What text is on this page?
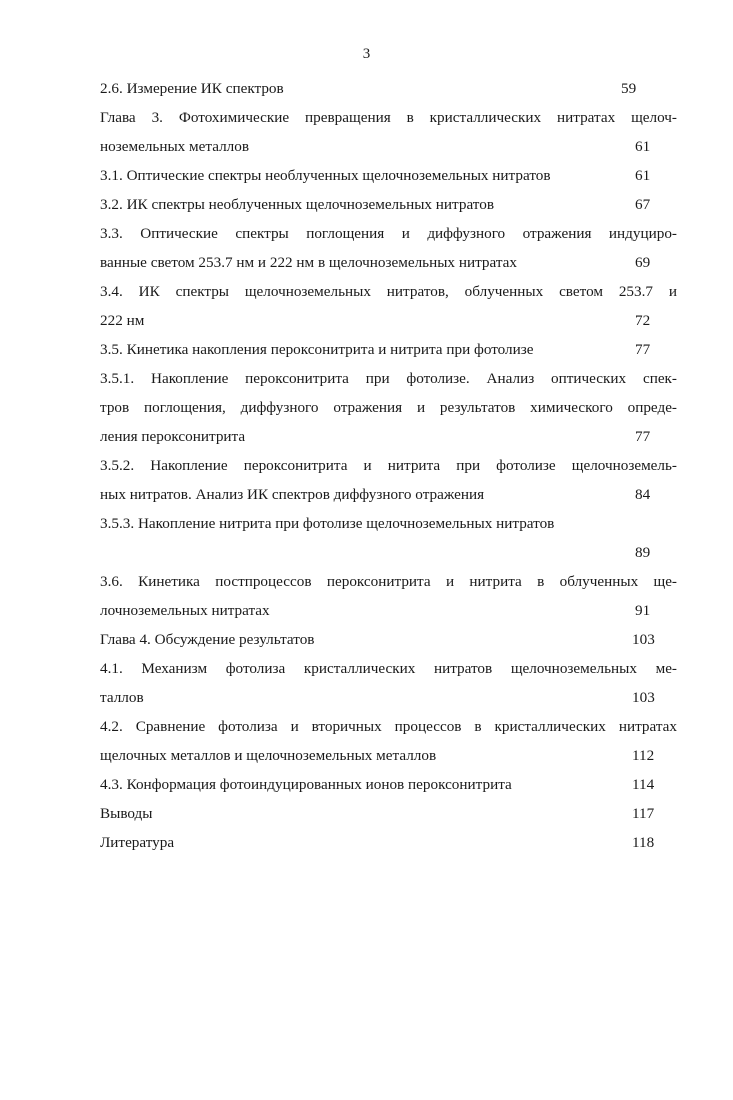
3
2.6. Измерение ИК спектров	59
Глава 3. Фотохимические превращения в кристаллических нитратах щелоч-
ноземельных металлов	61
3.1. Оптические спектры необлученных щелочноземельных нитратов	61
3.2. ИК спектры необлученных щелочноземельных нитратов	67
3.3. Оптические спектры поглощения и диффузного отражения индуциро-
ванные светом 253.7 нм и 222 нм в щелочноземельных нитратах	69
3.4. ИК спектры щелочноземельных нитратов, облученных светом 253.7 и
222 нм	72
3.5. Кинетика накопления пероксонитрита и нитрита при фотолизе	77
3.5.1. Накопление пероксонитрита при фотолизе. Анализ оптических спек-
тров поглощения, диффузного отражения и результатов химического опреде-
ления пероксонитрита	77
3.5.2. Накопление пероксонитрита и нитрита при фотолизе щелочноземель-
ных нитратов. Анализ ИК спектров диффузного отражения	84
3.5.3. Накопление нитрита при фотолизе щелочноземельных нитратов
89
3.6. Кинетика постпроцессов пероксонитрита и нитрита в облученных ще-
лочноземельных нитратах	91
Глава 4. Обсуждение результатов	103
4.1. Механизм фотолиза кристаллических нитратов щелочноземельных ме-
таллов	103
4.2. Сравнение фотолиза и вторичных процессов в кристаллических нитратах
щелочных металлов и щелочноземельных металлов	112
4.3. Конформация фотоиндуцированных ионов пероксонитрита	114
Выводы	117
Литература	118
